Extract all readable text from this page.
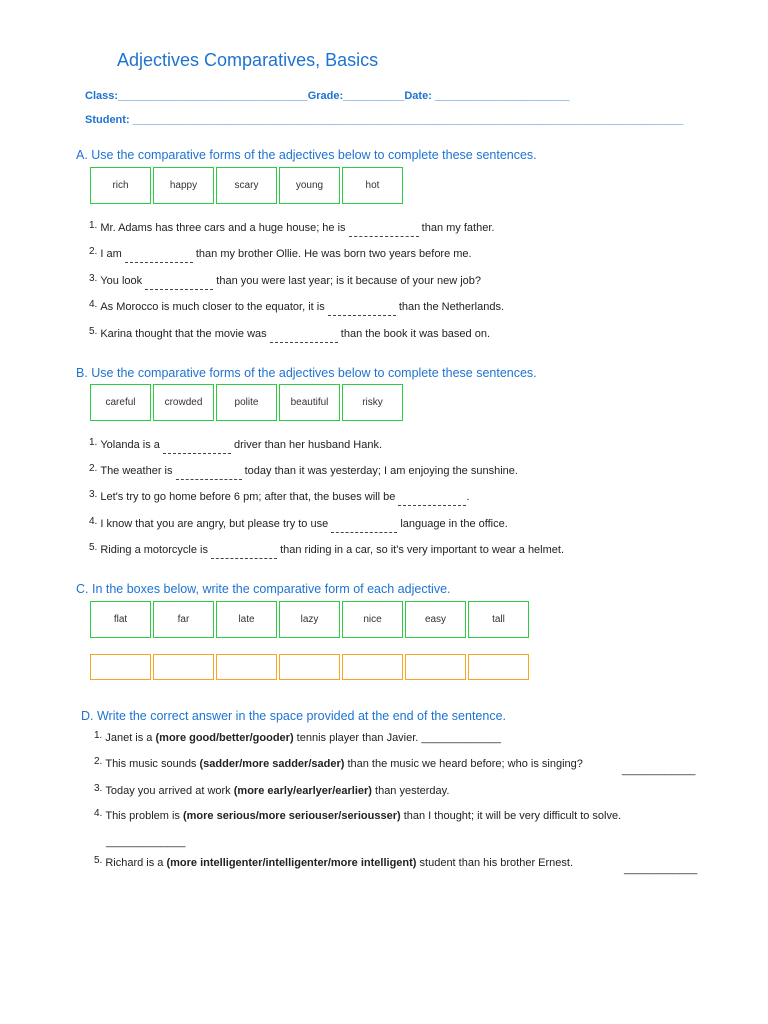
Adjectives Comparatives, Basics
Class:_______________________________Grade:__________Date: ______________________
Student: __________________________________________________________________________________________
A. Use the comparative forms of the adjectives below to complete these sentences.
rich	happy	scary	young	hot
1. Mr. Adams has three cars and a huge house; he is	than my father.
2. I am	than my brother Ollie. He was born two years before me.
3. You look	than you were last year; is it because of your new job?
4. As Morocco is much closer to the equator, it is	than the Netherlands.
5. Karina thought that the movie was	than the book it was based on.
B. Use the comparative forms of the adjectives below to complete these sentences.
careful	crowded	polite	beautiful	risky
1. Yolanda is a	driver than her husband Hank.
2. The weather is	today than it was yesterday; I am enjoying the sunshine.
3. Let's try to go home before 6 pm; after that, the buses will be	.
4. I know that you are angry, but please try to use	language in the office.
5. Riding a motorcycle is	than riding in a car, so it's very important to wear a helmet.
C. In the boxes below, write the comparative form of each adjective.
flat	far	late	lazy	nice	easy	tall
D. Write the correct answer in the space provided at the end of the sentence.
1. Janet is a (more good/better/gooder) tennis player than Javier. _____________
2. This music sounds (sadder/more sadder/sader) than the music we heard before; who is singing?	____________
3. Today you arrived at work (more early/earlyer/earlier) than yesterday.
4. This problem is (more serious/more seriouser/seriousser) than I thought; it will be very difficult to solve.
_____________
5. Richard is a (more intelligenter/intelligenter/more intelligent) student than his brother Ernest.	____________
